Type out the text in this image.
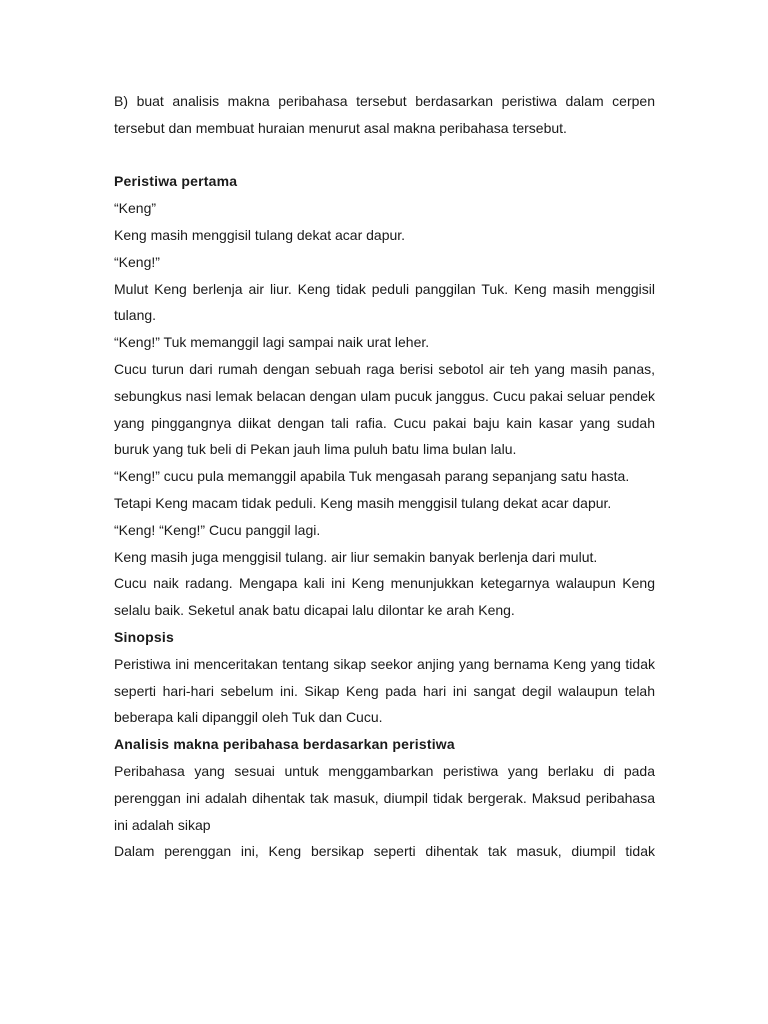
B) buat analisis makna peribahasa tersebut berdasarkan peristiwa dalam cerpen tersebut dan membuat huraian menurut asal makna peribahasa tersebut.

Peristiwa pertama

“Keng”

Keng masih menggisil tulang dekat acar dapur.

“Keng!”

Mulut Keng berlenja air liur. Keng tidak peduli panggilan Tuk. Keng masih menggisil tulang.

“Keng!” Tuk memanggil lagi sampai naik urat leher.

Cucu turun dari rumah dengan sebuah raga berisi sebotol air teh yang masih panas, sebungkus nasi lemak belacan dengan ulam pucuk janggus. Cucu pakai seluar pendek yang pinggangnya diikat dengan tali rafia. Cucu pakai baju kain kasar yang sudah buruk yang tuk beli di Pekan jauh lima puluh batu lima bulan lalu.

“Keng!” cucu pula memanggil apabila Tuk mengasah parang sepanjang satu hasta.

Tetapi Keng macam tidak peduli. Keng masih menggisil tulang dekat acar dapur.

“Keng! “Keng!” Cucu panggil lagi.

Keng masih juga menggisil tulang. air liur semakin banyak berlenja dari mulut.

Cucu naik radang. Mengapa kali ini Keng menunjukkan ketegarnya walaupun Keng selalu baik. Seketul anak batu dicapai lalu dilontar ke arah Keng.

Sinopsis

Peristiwa ini menceritakan tentang sikap seekor anjing yang bernama Keng yang tidak seperti hari-hari sebelum ini. Sikap Keng pada hari ini sangat degil walaupun telah beberapa kali dipanggil oleh Tuk dan Cucu.

Analisis makna peribahasa berdasarkan peristiwa

Peribahasa yang sesuai untuk menggambarkan peristiwa yang berlaku di pada perenggan ini adalah dihentak tak masuk, diumpil tidak bergerak. Maksud peribahasa ini adalah sikap

Dalam perenggan ini, Keng bersikap seperti dihentak tak masuk, diumpil tidak
